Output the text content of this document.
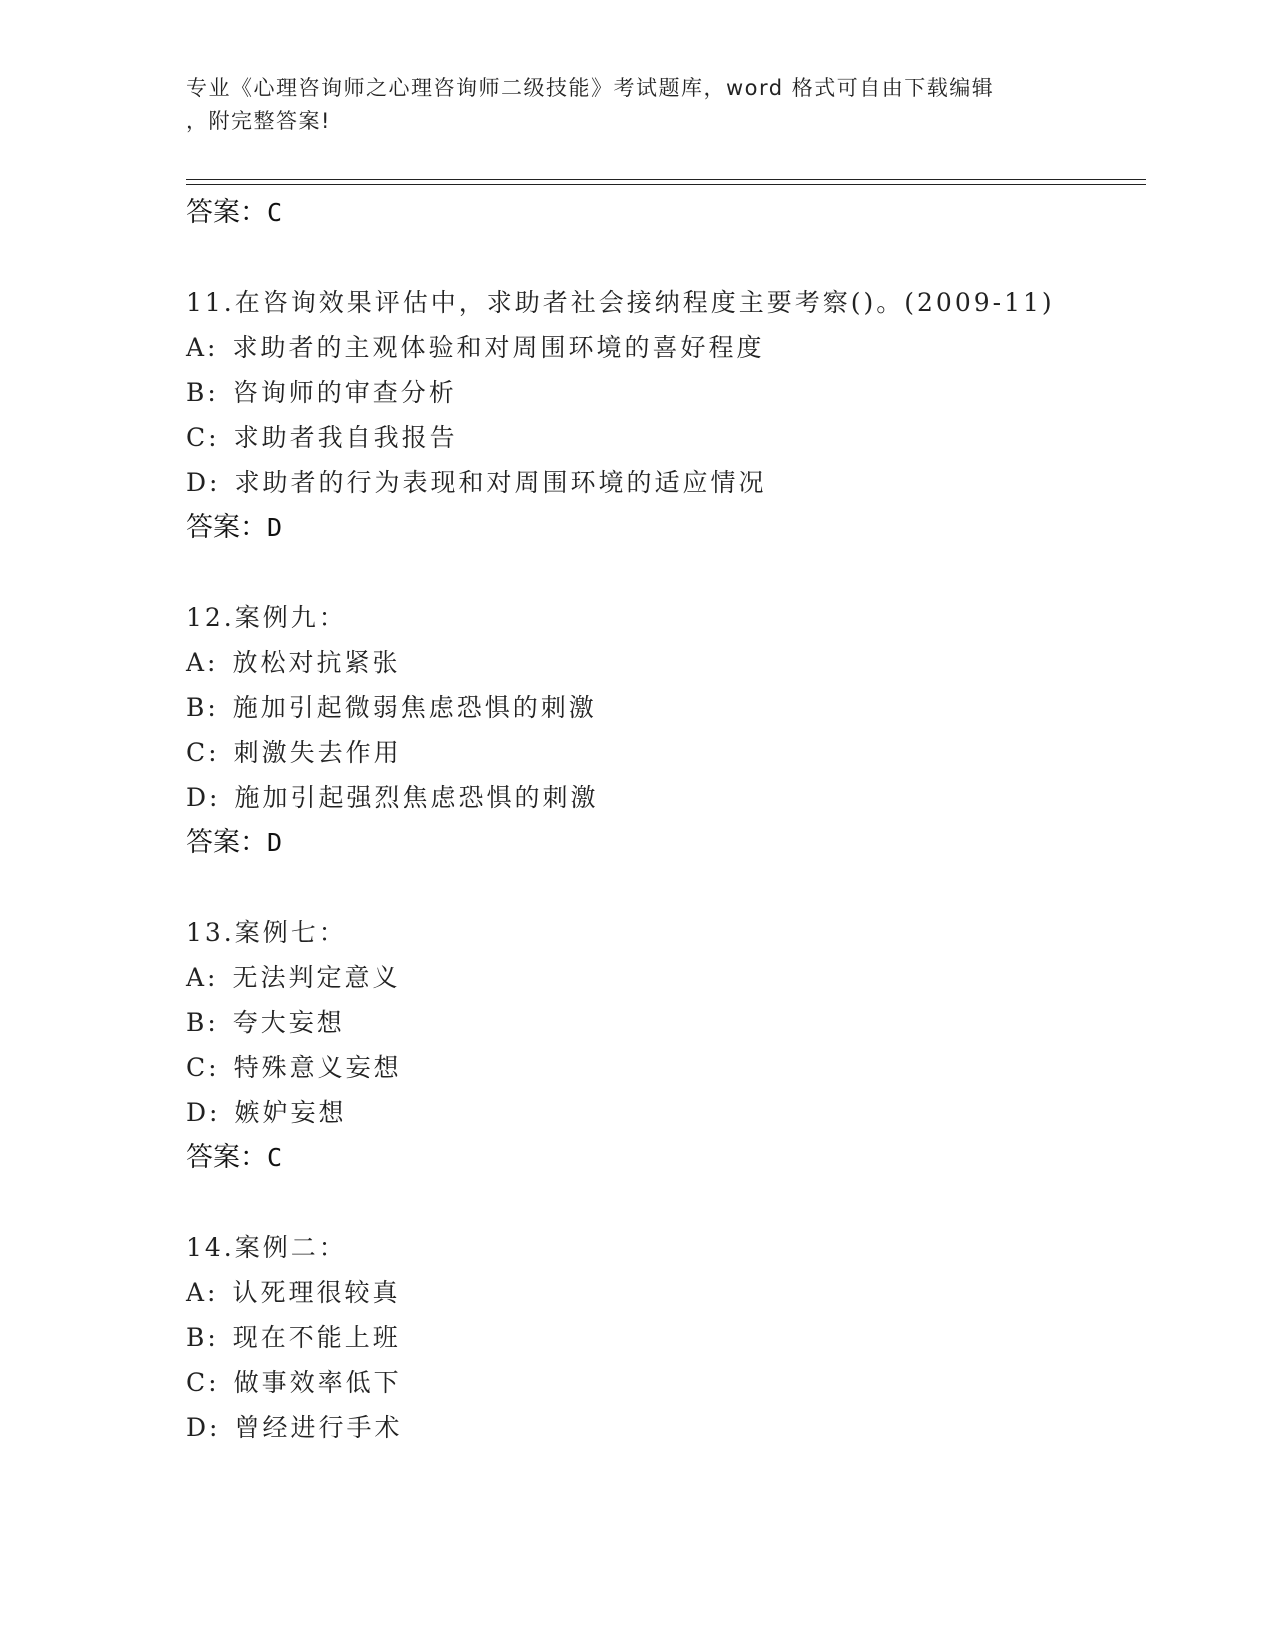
专业《心理咨询师之心理咨询师二级技能》考试题库，word 格式可自由下载编辑
，附完整答案!
答案：C
11.在咨询效果评估中，求助者社会接纳程度主要考察()。(2009-11)
A: 求助者的主观体验和对周围环境的喜好程度
B: 咨询师的审查分析
C: 求助者我自我报告
D: 求助者的行为表现和对周围环境的适应情况
答案：D
12.案例九：
A: 放松对抗紧张
B: 施加引起微弱焦虑恐惧的刺激
C: 刺激失去作用
D: 施加引起强烈焦虑恐惧的刺激
答案：D
13.案例七：
A: 无法判定意义
B: 夸大妄想
C: 特殊意义妄想
D: 嫉妒妄想
答案：C
14.案例二：
A: 认死理很较真
B: 现在不能上班
C: 做事效率低下
D: 曾经进行手术
